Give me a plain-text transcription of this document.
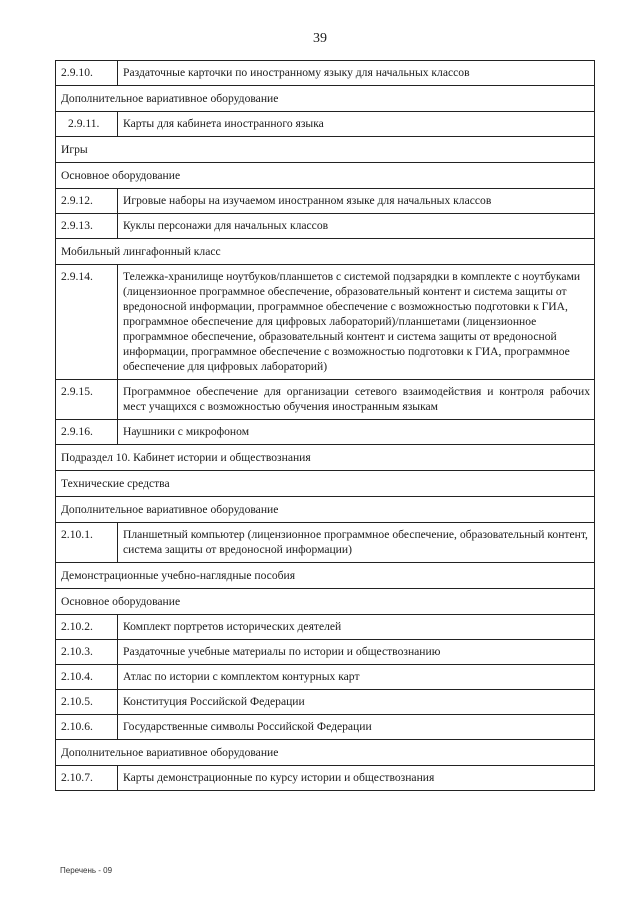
39
2.9.10.	Раздаточные карточки по иностранному языку для начальных классов
Дополнительное вариативное оборудование	
2.9.11.	Карты для кабинета иностранного языка
Игры	
Основное оборудование	
2.9.12.	Игровые наборы на изучаемом иностранном языке для начальных классов
2.9.13.	Куклы персонажи для начальных классов
Мобильный лингафонный класс	
2.9.14.	Тележка-хранилище ноутбуков/планшетов с системой подзарядки в комплекте с ноутбуками (лицензионное программное обеспечение, образовательный контент и система защиты от вредоносной информации, программное обеспечение с возможностью подготовки к ГИА, программное обеспечение для цифровых лабораторий)/планшетами (лицензионное программное обеспечение, образовательный контент и система защиты от вредоносной информации, программное обеспечение с возможностью подготовки к ГИА, программное обеспечение для цифровых лабораторий)
2.9.15.	Программное обеспечение для организации сетевого взаимодействия и контроля рабочих мест учащихся с возможностью обучения иностранным языкам
2.9.16.	Наушники с микрофоном
Подраздел 10. Кабинет истории и обществознания	
Технические средства	
Дополнительное вариативное оборудование	
2.10.1.	Планшетный компьютер (лицензионное программное обеспечение, образовательный контент, система защиты от вредоносной информации)
Демонстрационные учебно-наглядные пособия	
Основное оборудование	
2.10.2.	Комплект портретов исторических деятелей
2.10.3.	Раздаточные учебные материалы по истории и обществознанию
2.10.4.	Атлас по истории с комплектом контурных карт
2.10.5.	Конституция Российской Федерации
2.10.6.	Государственные символы Российской Федерации
Дополнительное вариативное оборудование	
2.10.7.	Карты демонстрационные по курсу истории и обществознания
Перечень - 09
